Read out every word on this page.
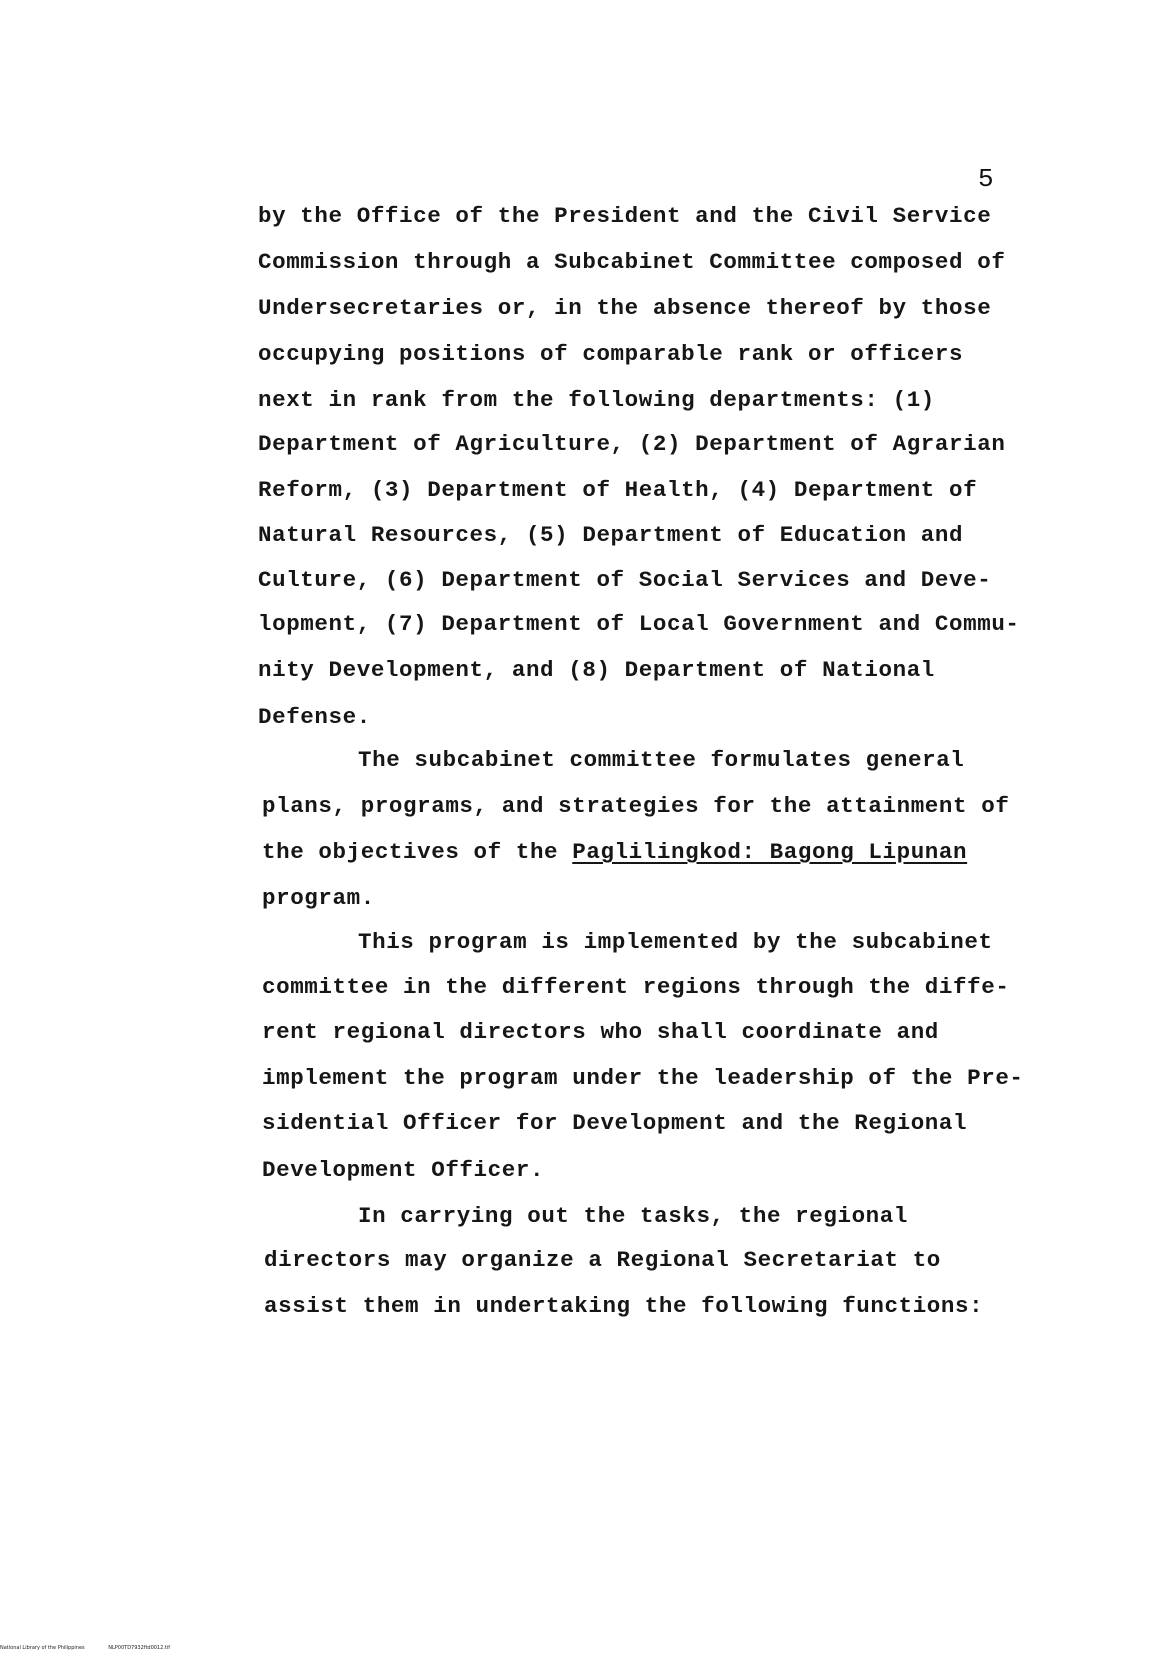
5
by the Office of the President and the Civil Service
Commission through a Subcabinet Committee composed of
Undersecretaries or, in the absence thereof by those
occupying positions of comparable rank or officers
next in rank from the following departments: (1)
Department of Agriculture, (2) Department of Agrarian
Reform, (3) Department of Health, (4) Department of
Natural Resources, (5) Department of Education and
Culture, (6) Department of Social Services and Deve-
lopment, (7) Department of Local Government and Commu-
nity Development, and (8) Department of National
Defense.
The subcabinet committee formulates general
plans, programs, and strategies for the attainment of
the objectives of the Paglilingkod: Bagong Lipunan
program.
This program is implemented by the subcabinet
committee in the different regions through the diffe-
rent regional directors who shall coordinate and
implement the program under the leadership of the Pre-
sidential Officer for Development and the Regional
Development Officer.
In carrying out the tasks, the regional
directors may organize a Regional Secretariat to
assist them in undertaking the following functions:
National Library of the Philippines	NLP00TD7932ftd0012.tif
